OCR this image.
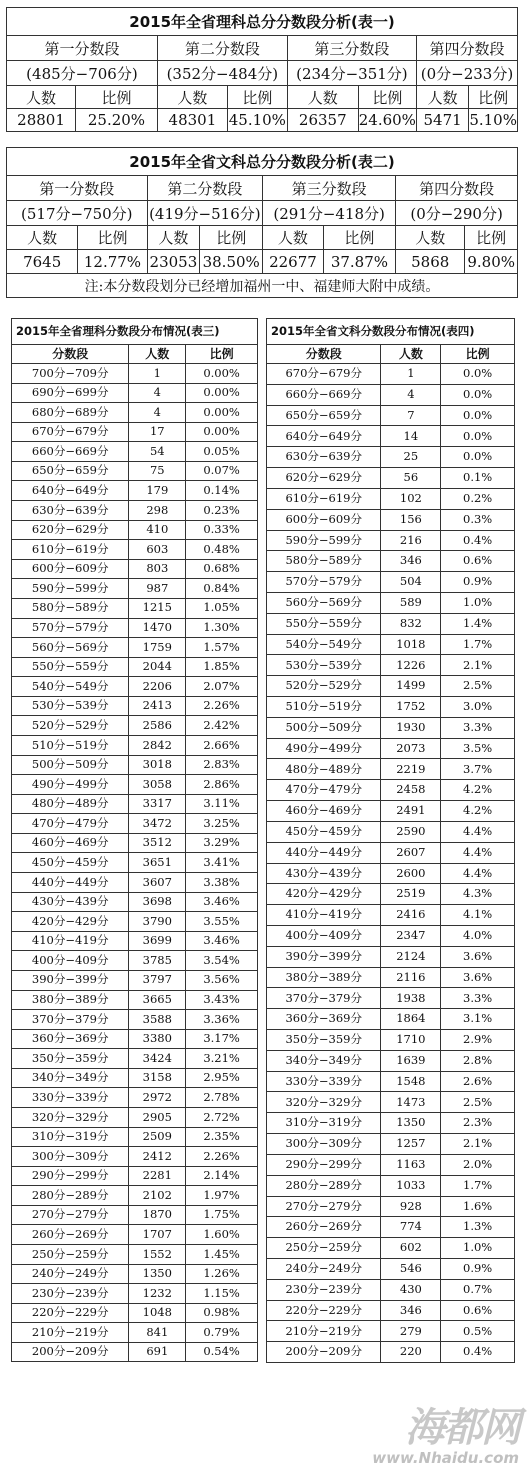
2015年全省理科总分分数段分析(表一)							
第一分数段		第二分数段		第三分数段		第四分数段	
(485分−706分)		(352分−484分)		(234分−351分)		(0分−233分)	
人数	比例	人数	比例	人数	比例	人数	比例
28801	25.20%	48301	45.10%	26357	24.60%	5471	5.10%
2015年全省文科总分分数段分析(表二)							
第一分数段		第二分数段		第三分数段		第四分数段	
(517分−750分)		(419分−516分)		(291分−418分)		(0分−290分)	
人数	比例	人数	比例	人数	比例	人数	比例
7645	12.77%	23053	38.50%	22677	37.87%	5868	9.80%
注:本分数段划分已经增加福州一中、福建师大附中成绩。							
2015年全省理科分数段分布情况(表三)		
分数段	人数	比例
700分−709分	1	0.00%
690分−699分	4	0.00%
680分−689分	4	0.00%
670分−679分	17	0.00%
660分−669分	54	0.05%
650分−659分	75	0.07%
640分−649分	179	0.14%
630分−639分	298	0.23%
620分−629分	410	0.33%
610分−619分	603	0.48%
600分−609分	803	0.68%
590分−599分	987	0.84%
580分−589分	1215	1.05%
570分−579分	1470	1.30%
560分−569分	1759	1.57%
550分−559分	2044	1.85%
540分−549分	2206	2.07%
530分−539分	2413	2.26%
520分−529分	2586	2.42%
510分−519分	2842	2.66%
500分−509分	3018	2.83%
490分−499分	3058	2.86%
480分−489分	3317	3.11%
470分−479分	3472	3.25%
460分−469分	3512	3.29%
450分−459分	3651	3.41%
440分−449分	3607	3.38%
430分−439分	3698	3.46%
420分−429分	3790	3.55%
410分−419分	3699	3.46%
400分−409分	3785	3.54%
390分−399分	3797	3.56%
380分−389分	3665	3.43%
370分−379分	3588	3.36%
360分−369分	3380	3.17%
350分−359分	3424	3.21%
340分−349分	3158	2.95%
330分−339分	2972	2.78%
320分−329分	2905	2.72%
310分−319分	2509	2.35%
300分−309分	2412	2.26%
290分−299分	2281	2.14%
280分−289分	2102	1.97%
270分−279分	1870	1.75%
260分−269分	1707	1.60%
250分−259分	1552	1.45%
240分−249分	1350	1.26%
230分−239分	1232	1.15%
220分−229分	1048	0.98%
210分−219分	841	0.79%
200分−209分	691	0.54%
2015年全省文科分数段分布情况(表四)		
分数段	人数	比例
670分−679分	1	0.0%
660分−669分	4	0.0%
650分−659分	7	0.0%
640分−649分	14	0.0%
630分−639分	25	0.0%
620分−629分	56	0.1%
610分−619分	102	0.2%
600分−609分	156	0.3%
590分−599分	216	0.4%
580分−589分	346	0.6%
570分−579分	504	0.9%
560分−569分	589	1.0%
550分−559分	832	1.4%
540分−549分	1018	1.7%
530分−539分	1226	2.1%
520分−529分	1499	2.5%
510分−519分	1752	3.0%
500分−509分	1930	3.3%
490分−499分	2073	3.5%
480分−489分	2219	3.7%
470分−479分	2458	4.2%
460分−469分	2491	4.2%
450分−459分	2590	4.4%
440分−449分	2607	4.4%
430分−439分	2600	4.4%
420分−429分	2519	4.3%
410分−419分	2416	4.1%
400分−409分	2347	4.0%
390分−399分	2124	3.6%
380分−389分	2116	3.6%
370分−379分	1938	3.3%
360分−369分	1864	3.1%
350分−359分	1710	2.9%
340分−349分	1639	2.8%
330分−339分	1548	2.6%
320分−329分	1473	2.5%
310分−319分	1350	2.3%
300分−309分	1257	2.1%
290分−299分	1163	2.0%
280分−289分	1033	1.7%
270分−279分	928	1.6%
260分−269分	774	1.3%
250分−259分	602	1.0%
240分−249分	546	0.9%
230分−239分	430	0.7%
220分−229分	346	0.6%
210分−219分	279	0.5%
200分−209分	220	0.4%
海都网
www.Nhaidu.com
